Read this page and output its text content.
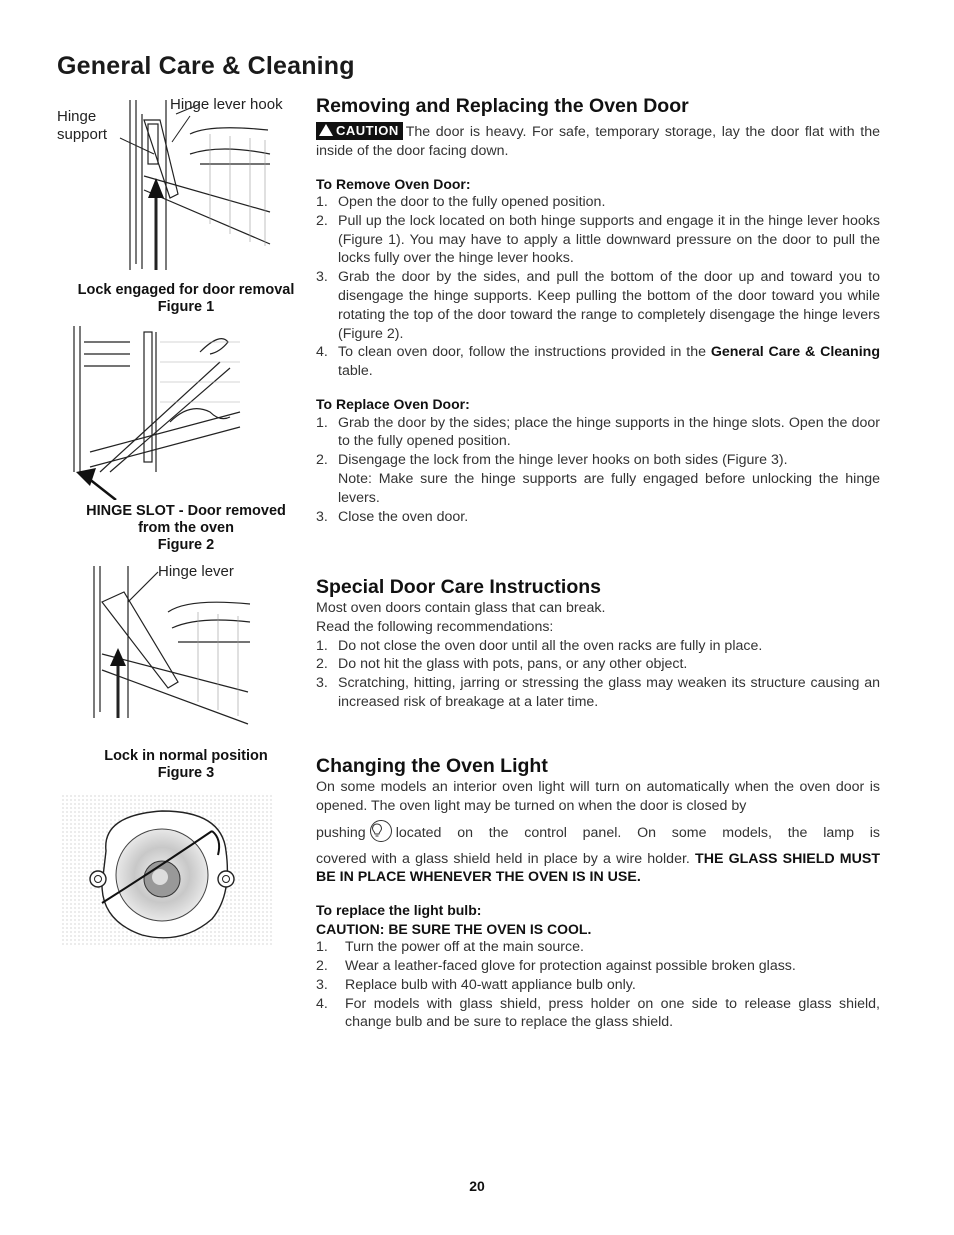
General Care & Cleaning
Hinge
support
Hinge lever hook
Lock engaged for door removal
Figure 1
HINGE SLOT - Door removed
from the oven
Figure 2
Hinge lever
Lock in normal position
Figure 3
Removing and Replacing the Oven Door

CAUTION The door is heavy. For safe, temporary storage, lay the door flat with the inside of the door facing down.

To Remove Oven Door:
1. Open the door to the fully opened position.
2. Pull up the lock located on both hinge supports and engage it in the hinge lever hooks (Figure 1). You may have to apply a little downward pressure on the door to pull the locks fully over the hinge lever hooks.
3. Grab the door by the sides, and pull the bottom of the door up and toward you to disengage the hinge supports. Keep pulling the bottom of the door toward you while rotating the top of the door toward the range to completely disengage the hinge levers (Figure 2).
4. To clean oven door, follow the instructions provided in the General Care & Cleaning table.
To Replace Oven Door:
1. Grab the door by the sides; place the hinge supports in the hinge slots. Open the door to the fully opened position.
2. Disengage the lock from the hinge lever hooks on both sides (Figure 3).
Note: Make sure the hinge supports are fully engaged before unlocking the hinge levers.
3. Close the oven door.
Special Door Care Instructions

Most oven doors contain glass that can break.

Read the following recommendations:

1. Do not close the oven door until all the oven racks are fully in place.
2. Do not hit the glass with pots, pans, or any other object.
3. Scratching, hitting, jarring or stressing the glass may weaken its structure causing an increased risk of breakage at a later time.
Changing the Oven Light

On some models an interior oven light will turn on automatically when the oven door is opened. The oven light may be turned on when the door is closed by

pushing located on the control panel. On some models, the lamp is

covered with a glass shield held in place by a wire holder. THE GLASS SHIELD MUST BE IN PLACE WHENEVER THE OVEN IS IN USE.

To replace the light bulb:
CAUTION: BE SURE THE OVEN IS COOL.
1. Turn the power off at the main source.
2. Wear a leather-faced glove for protection against possible broken glass.
3. Replace bulb with 40-watt appliance bulb only.
4. For models with glass shield, press holder on one side to release glass shield, change bulb and be sure to replace the glass shield.
20
